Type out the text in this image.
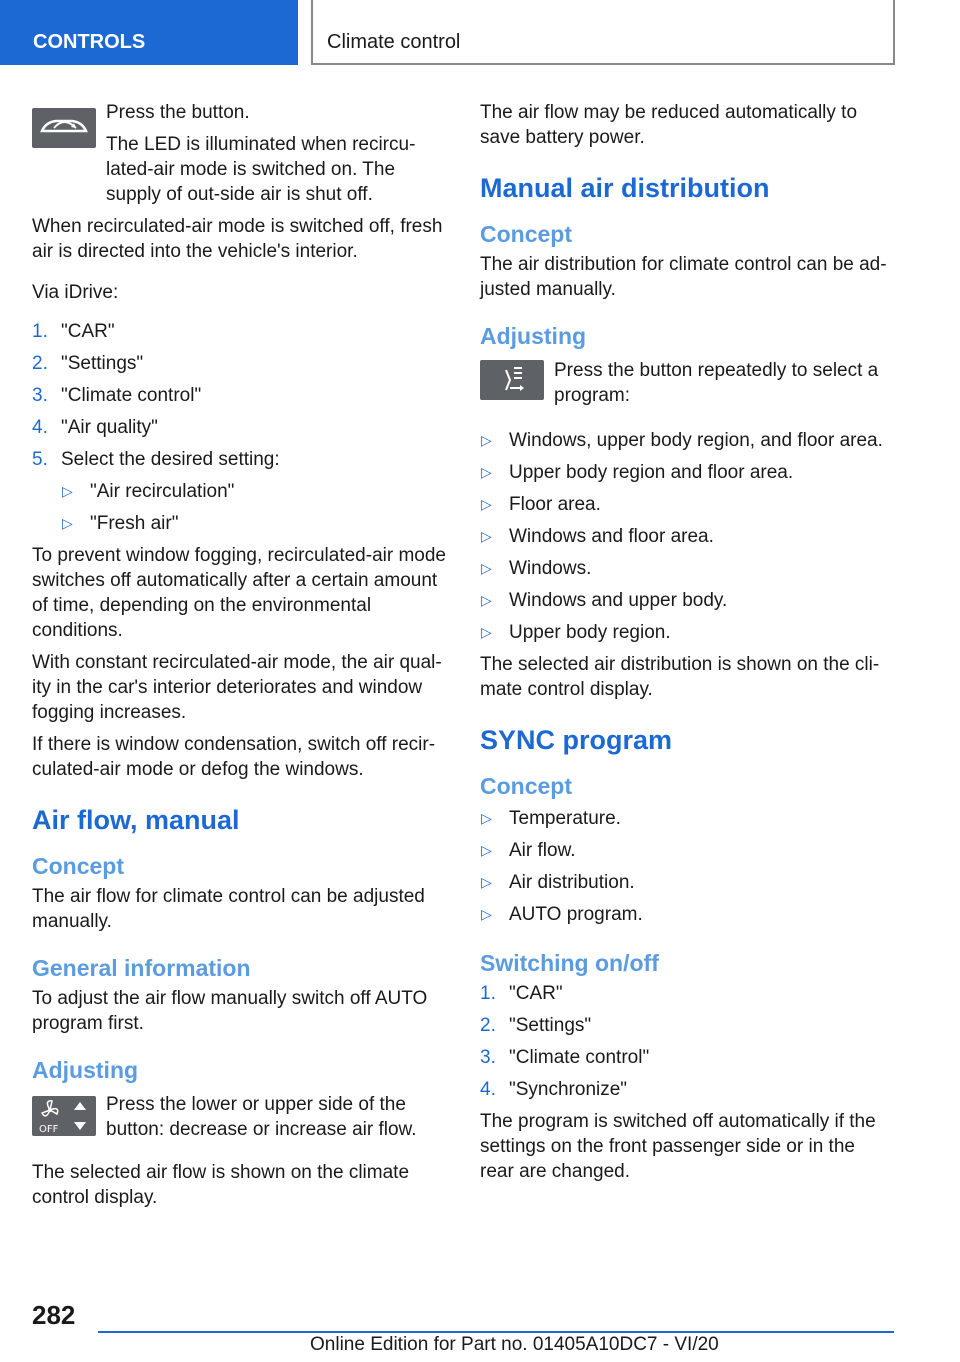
CONTROLS	Climate control

Press the button.

The LED is illuminated when recircu-lated-air mode is switched on. The supply of out-side air is shut off.

When recirculated-air mode is switched off, fresh air is directed into the vehicle's interior.

Via iDrive:

1. "CAR"
2. "Settings"
3. "Climate control"
4. "Air quality"
5. Select the desired setting:
▷ "Air recirculation"
▷ "Fresh air"

To prevent window fogging, recirculated-air mode switches off automatically after a certain amount of time, depending on the environmental conditions.

With constant recirculated-air mode, the air qual-ity in the car's interior deteriorates and window fogging increases.

If there is window condensation, switch off recir-culated-air mode or defog the windows.

Air flow, manual
Concept

The air flow for climate control can be adjusted manually.

General information

To adjust the air flow manually switch off AUTO program first.

Adjusting
OFF

Press the lower or upper side of the button: decrease or increase air flow.

The selected air flow is shown on the climate control display.

The air flow may be reduced automatically to save battery power.

Manual air distribution
Concept

The air distribution for climate control can be ad-justed manually.

Adjusting

Press the button repeatedly to select a program:

▷ Windows, upper body region, and floor area.
▷ Upper body region and floor area.
▷ Floor area.
▷ Windows and floor area.
▷ Windows.
▷ Windows and upper body.
▷ Upper body region.

The selected air distribution is shown on the cli-mate control display.

SYNC program
Concept
▷ Temperature.
▷ Air flow.
▷ Air distribution.
▷ AUTO program.
Switching on/off
1. "CAR"
2. "Settings"
3. "Climate control"
4. "Synchronize"

The program is switched off automatically if the settings on the front passenger side or in the rear are changed.

282
Online Edition for Part no. 01405A10DC7 - VI/20
